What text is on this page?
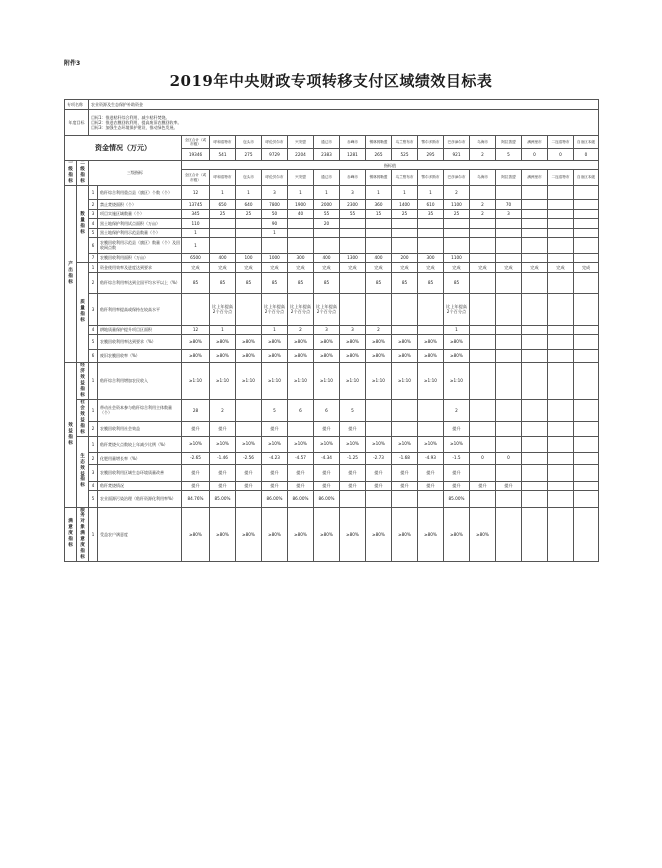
附件3
2019年中央财政专项转移支付区域绩效目标表
专项名称		农业资源及生态保护补助资金																	
年度目标		目标1：推进秸秆综合利用，减少秸秆焚烧。
目标2：推进农膜回收利用，提高废旧农膜回收率。
目标3：加强生态环境保护建设，推动绿色发展。																	

资金情况（万元）				全区合计（或市级）	呼和浩特市	包头市	呼伦贝尔市	兴安盟	通辽市	赤峰市	锡林郭勒盟	乌兰察布市	鄂尔多斯市	巴彦淖尔市	乌海市	阿拉善盟	满洲里市	二连浩特市	自治区本级
				19346	541	275	9729	2204	2383	1281	265	525	295	921	2	5	0	0	0
一级指标	二级指标	三级指标		指标值															
				全区合计（或市级）	呼和浩特市	包头市	呼伦贝尔市	兴安盟	通辽市	赤峰市	锡林郭勒盟	乌兰察布市	鄂尔多斯市	巴彦淖尔市	乌海市	阿拉善盟	满洲里市	二连浩特市	自治区本级
产出指标	数量指标	1	秸秆综合利用重点县（旗区）个数（个）	12	1	1	3	1	1	3	1	1	1	2					
		2	禁止焚烧面积（个）	13745	650	640	7800	1900	2000	2300	360	1400	610	1100	2	70			
		3	项目实施区域数量（个）	345	25	25	50	40	55	55	15	25	35	25	2	3			
		4	黑土地保护利用试点面积（万亩）	110			90		20										
		5	黑土地保护利用示范县数量（个）	1			1												
		6	农膜回收利用示范县（旗区）数量（个）及回收网点数	1															
		7	农膜回收利用面积（万亩）	6500	400	100	1000	300	400	1300	400	200	300	1100					
	质量指标	1	资金使用效率及进度达到要求	完成	完成	完成	完成	完成	完成	完成	完成	完成	完成	完成	完成	完成	完成	完成	完成
		2	秸秆综合利用率达到全国平均水平以上（%）	85	85	85	85	85	85		85	85	85	85					
		3	秸秆利用率提高或保持在较高水平		比上年提高2个百分点		比上年提高2个百分点	比上年提高2个百分点	比上年提高2个百分点					比上年提高2个百分点					
		4	耕地质量保护提升项目区面积	12	1		1	2	3	3	2			1					
		5	农膜回收利用率达到要求（%）	≥80%	≥80%	≥80%	≥80%	≥80%	≥80%	≥80%	≥80%	≥80%	≥80%	≥80%					
		6	废旧农膜回收率（%）	≥80%	≥80%	≥80%	≥80%	≥80%	≥80%	≥80%	≥80%	≥80%	≥80%	≥80%					
效益指标	经济效益指标	1	秸秆综合利用增加农民收入	≥1:10	≥1:10	≥1:10	≥1:10	≥1:10	≥1:10	≥1:10	≥1:10	≥1:10	≥1:10	≥1:10					
	社会效益指标	1	带动社会资本参与秸秆综合利用主体数量（个）	28	2		5	6	6	5				2					
		2	农膜回收利用社会效益	提升	提升		提升		提升	提升				提升					
	生态效益指标	1	秸秆焚烧火点数较上年减少比例（%）	≥10%	≥10%	≥10%	≥10%	≥10%	≥10%	≥10%	≥10%	≥10%	≥10%	≥10%					
		2	化肥用量增长率（%）	-2.65	-1.46	-2.56	-4.23	-4.57	-4.34	-1.25	-2.73	-1.68	-4.93	-1.5	0	0			
		3	农膜回收利用区域生态环境质量改善	提升	提升	提升	提升	提升	提升	提升	提升	提升	提升	提升					
		4	秸秆焚烧情况	提升	提升	提升	提升	提升	提升	提升	提升	提升	提升	提升	提升	提升			
		5	农业面源污染治理（秸秆资源化利用率%）	84.76%	85.00%		86.00%	86.00%	86.00%					85.00%					
满意度指标	服务对象满意度指标	1	受益农户满意度	≥80%	≥80%	≥80%	≥80%	≥80%	≥80%	≥80%	≥80%	≥80%	≥80%	≥80%	≥80%				
